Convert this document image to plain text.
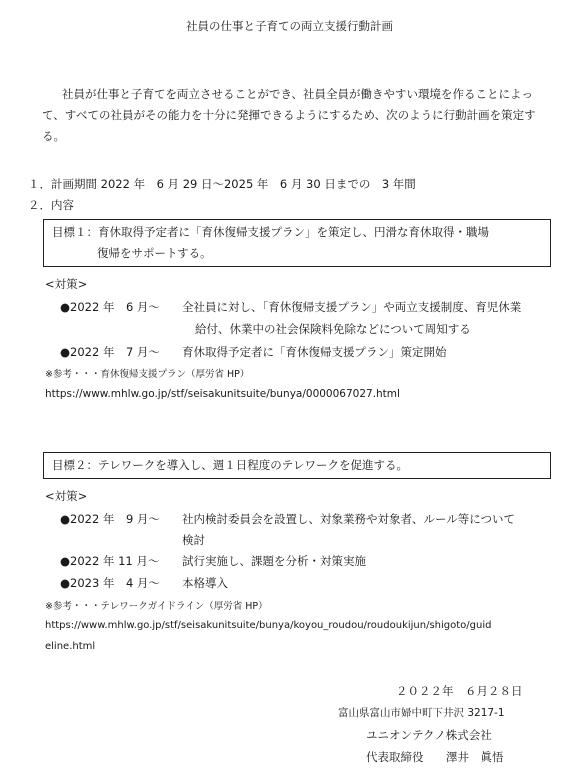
社員の仕事と子育ての両立支援行動計画
社員が仕事と子育てを両立させることができ、社員全員が働きやすい環境を作ることによって、すべての社員がその能力を十分に発揮できるようにするため、次のように行動計画を策定する。
１．計画期間 2022 年　6 月 29 日～2025 年　6 月 30 日までの　3 年間
２．内容
目標１：育休取得予定者に「育休復帰支援プラン」を策定し、円滑な育休取得・職場
復帰をサポートする。
<対策>
●2022 年　6 月～ 全社員に対し、「育休復帰支援プラン」や両立支援制度、育児休業
給付、休業中の社会保険料免除などについて周知する
●2022 年　7 月～ 育休取得予定者に「育休復帰支援プラン」策定開始
※参考・・・育休復帰支援プラン（厚労省 HP）
https://www.mhlw.go.jp/stf/seisakunitsuite/bunya/0000067027.html
目標２：テレワークを導入し、週１日程度のテレワークを促進する。
<対策>
●2022 年　9 月～ 社内検討委員会を設置し、対象業務や対象者、ルール等について
検討
●2022 年 11 月～ 試行実施し、課題を分析・対策実施
●2023 年　4 月～ 本格導入
※参考・・・テレワークガイドライン（厚労省 HP）
https://www.mhlw.go.jp/stf/seisakunitsuite/bunya/koyou_roudou/roudoukijun/shigoto/guid
eline.html
２０２２年　６月２８日
富山県富山市婦中町下井沢 3217-1
ユニオンテクノ株式会社
代表取締役 澤井　眞悟
